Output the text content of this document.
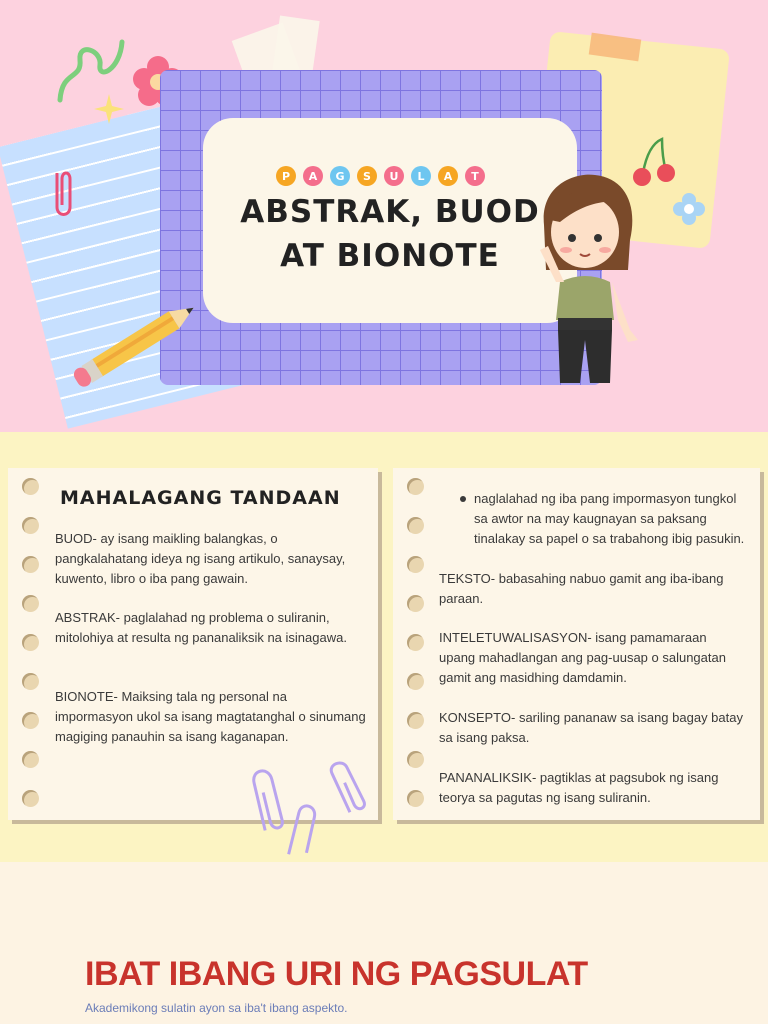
P	A	G	S	U	L	A	T
ABSTRAK, BUOD
AT BIONOTE
MAHALAGANG TANDAAN

BUOD- ay isang maikling balangkas, o pangkalahatang ideya ng isang artikulo, sanaysay, kuwento, libro o iba pang gawain.

ABSTRAK- paglalahad ng problema o suliranin, mitolohiya at resulta ng pananaliksik na isinagawa.

BIONOTE- Maiksing tala ng personal na impormasyon ukol sa isang magtatanghal o sinumang magiging panauhin sa isang kaganapan.

naglalahad ng iba pang impormasyon tungkol sa awtor na may kaugnayan sa paksang tinalakay sa papel o sa trabahong ibig pasukin.

TEKSTO- babasahing nabuo gamit ang iba-ibang paraan.

INTELETUWALISASYON- isang pamamaraan upang mahadlangan ang pag-uusap o salungatan gamit ang masidhing damdamin.

KONSEPTO- sariling pananaw sa isang bagay batay sa isang paksa.

PANANALIKSIK- pagtiklas at pagsubok ng isang teorya sa pagutas ng isang suliranin.

IBAT IBANG URI NG PAGSULAT
Akademikong sulatin ayon sa iba't ibang aspekto.
